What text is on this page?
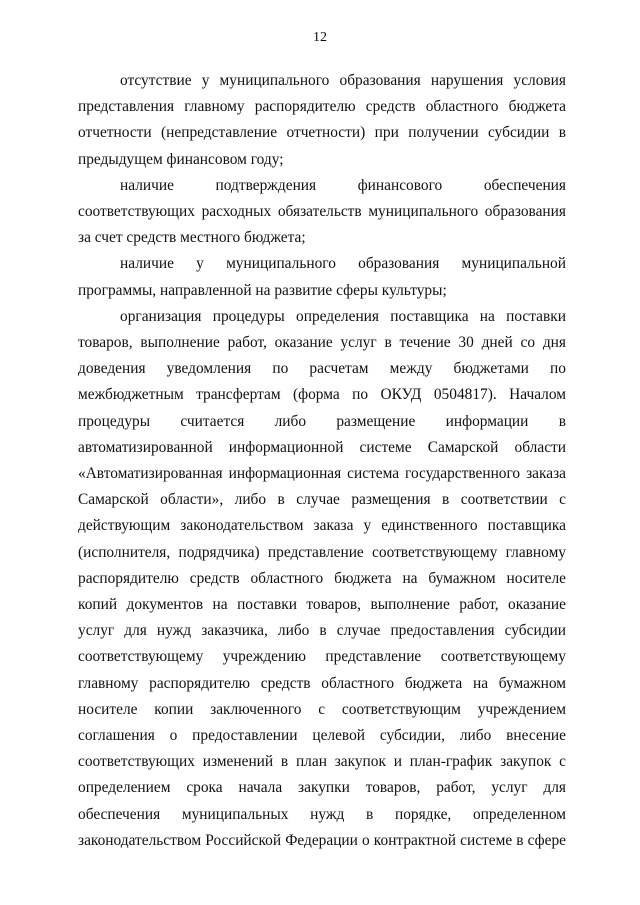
12

отсутствие у муниципального образования нарушения условия представления главному распорядителю средств областного бюджета отчетности (непредставление отчетности) при получении субсидии в предыдущем финансовом году;

наличие подтверждения финансового обеспечения соответствующих расходных обязательств муниципального образования за счет средств местного бюджета;

наличие у муниципального образования муниципальной программы, направленной на развитие сферы культуры;

организация процедуры определения поставщика на поставки товаров, выполнение работ, оказание услуг в течение 30 дней со дня доведения уведомления по расчетам между бюджетами по межбюджетным трансфертам (форма по ОКУД 0504817). Началом процедуры считается либо размещение информации в автоматизированной информационной системе Самарской области «Автоматизированная информационная система государственного заказа Самарской области», либо в случае размещения в соответствии с действующим законодательством заказа у единственного поставщика (исполнителя, подрядчика) представление соответствующему главному распорядителю средств областного бюджета на бумажном носителе копий документов на поставки товаров, выполнение работ, оказание услуг для нужд заказчика, либо в случае предоставления субсидии соответствующему учреждению представление соответствующему главному распорядителю средств областного бюджета на бумажном носителе копии заключенного с соответствующим учреждением соглашения о предоставлении целевой субсидии, либо внесение соответствующих изменений в план закупок и план-график закупок с определением срока начала закупки товаров, работ, услуг для обеспечения муниципальных нужд в порядке, определенном законодательством Российской Федерации о контрактной системе в сфере
